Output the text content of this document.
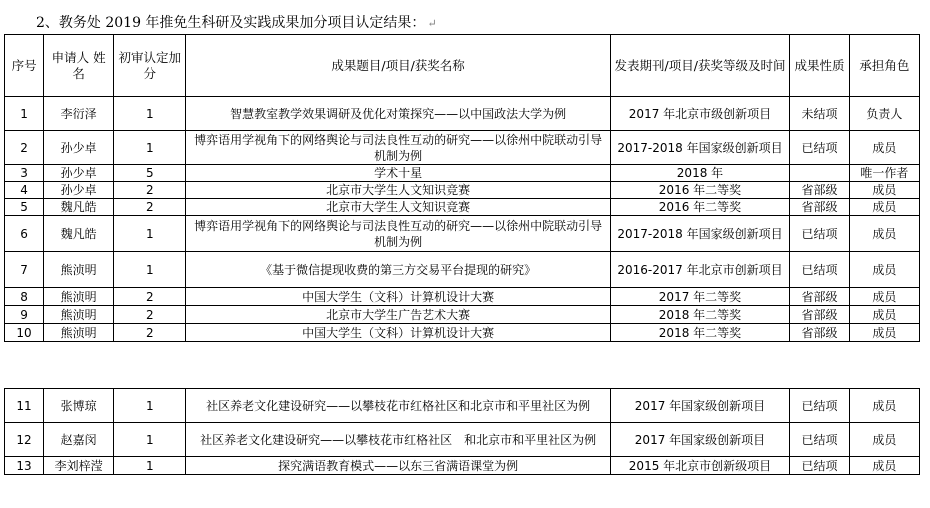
2、教务处 2019 年推免生科研及实践成果加分项目认定结果： ↵
序号	申请人 姓名	初审认定加分	成果题目/项目/获奖名称	发表期刊/项目/获奖等级及时间	成果性质	承担角色
1	李衍泽	1	智慧教室教学效果调研及优化对策探究——以中国政法大学为例	2017 年北京市级创新项目	未结项	负责人
2	孙少卓	1	博弈语用学视角下的网络舆论与司法良性互动的研究——以徐州中院联动引导机制为例	2017-2018 年国家级创新项目	已结项	成员
3	孙少卓	5	学术十星	2018 年		唯一作者
4	孙少卓	2	北京市大学生人文知识竞赛	2016 年二等奖	省部级	成员
5	魏凡皓	2	北京市大学生人文知识竞赛	2016 年二等奖	省部级	成员
6	魏凡皓	1	博弈语用学视角下的网络舆论与司法良性互动的研究——以徐州中院联动引导机制为例	2017-2018 年国家级创新项目	已结项	成员
7	熊浈明	1	《基于微信提现收费的第三方交易平台提现的研究》	2016-2017 年北京市创新项目	已结项	成员
8	熊浈明	2	中国大学生（文科）计算机设计大赛	2017 年二等奖	省部级	成员
9	熊浈明	2	北京市大学生广告艺术大赛	2018 年二等奖	省部级	成员
10	熊浈明	2	中国大学生（文科）计算机设计大赛	2018 年二等奖	省部级	成员
11	张博琼	1	社区养老文化建设研究——以攀枝花市红格社区和北京市和平里社区为例	2017 年国家级创新项目	已结项	成员
12	赵嘉闵	1	社区养老文化建设研究——以攀枝花市红格社区　和北京市和平里社区为例	2017 年国家级创新项目	已结项	成员
13	李刘梓滢	1	探究满语教育模式——以东三省满语课堂为例	2015 年北京市创新级项目	已结项	成员
